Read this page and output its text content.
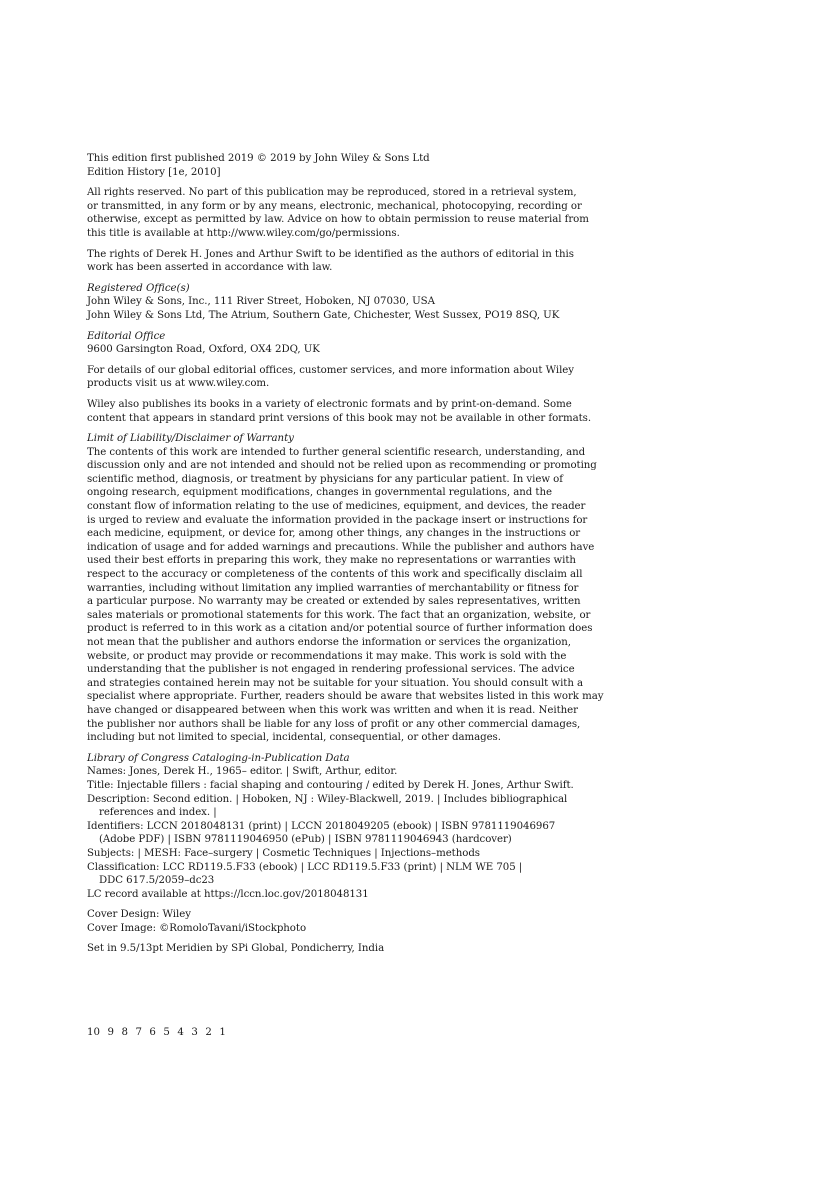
This edition first published 2019 © 2019 by John Wiley & Sons Ltd
Edition History [1e, 2010]
All rights reserved. No part of this publication may be reproduced, stored in a retrieval system,
or transmitted, in any form or by any means, electronic, mechanical, photocopying, recording or
otherwise, except as permitted by law. Advice on how to obtain permission to reuse material from
this title is available at http://www.wiley.com/go/permissions.
The rights of Derek H. Jones and Arthur Swift to be identified as the authors of editorial in this
work has been asserted in accordance with law.
Registered Office(s)
John Wiley & Sons, Inc., 111 River Street, Hoboken, NJ 07030, USA
John Wiley & Sons Ltd, The Atrium, Southern Gate, Chichester, West Sussex, PO19 8SQ, UK
Editorial Office
9600 Garsington Road, Oxford, OX4 2DQ, UK
For details of our global editorial offices, customer services, and more information about Wiley
products visit us at www.wiley.com.
Wiley also publishes its books in a variety of electronic formats and by print-on-demand. Some
content that appears in standard print versions of this book may not be available in other formats.
Limit of Liability/Disclaimer of Warranty
The contents of this work are intended to further general scientific research, understanding, and
discussion only and are not intended and should not be relied upon as recommending or promoting
scientific method, diagnosis, or treatment by physicians for any particular patient. In view of
ongoing research, equipment modifications, changes in governmental regulations, and the
constant flow of information relating to the use of medicines, equipment, and devices, the reader
is urged to review and evaluate the information provided in the package insert or instructions for
each medicine, equipment, or device for, among other things, any changes in the instructions or
indication of usage and for added warnings and precautions. While the publisher and authors have
used their best efforts in preparing this work, they make no representations or warranties with
respect to the accuracy or completeness of the contents of this work and specifically disclaim all
warranties, including without limitation any implied warranties of merchantability or fitness for
a particular purpose. No warranty may be created or extended by sales representatives, written
sales materials or promotional statements for this work. The fact that an organization, website, or
product is referred to in this work as a citation and/or potential source of further information does
not mean that the publisher and authors endorse the information or services the organization,
website, or product may provide or recommendations it may make. This work is sold with the
understanding that the publisher is not engaged in rendering professional services. The advice
and strategies contained herein may not be suitable for your situation. You should consult with a
specialist where appropriate. Further, readers should be aware that websites listed in this work may
have changed or disappeared between when this work was written and when it is read. Neither
the publisher nor authors shall be liable for any loss of profit or any other commercial damages,
including but not limited to special, incidental, consequential, or other damages.
Library of Congress Cataloging-in-Publication Data
Names: Jones, Derek H., 1965– editor. | Swift, Arthur, editor.
Title: Injectable fillers : facial shaping and contouring / edited by Derek H. Jones, Arthur Swift.
Description: Second edition. | Hoboken, NJ : Wiley-Blackwell, 2019. | Includes bibliographical
references and index. |
Identifiers: LCCN 2018048131 (print) | LCCN 2018049205 (ebook) | ISBN 9781119046967
(Adobe PDF) | ISBN 9781119046950 (ePub) | ISBN 9781119046943 (hardcover)
Subjects: | MESH: Face–surgery | Cosmetic Techniques | Injections–methods
Classification: LCC RD119.5.F33 (ebook) | LCC RD119.5.F33 (print) | NLM WE 705 |
DDC 617.5/2059–dc23
LC record available at https://lccn.loc.gov/2018048131
Cover Design: Wiley
Cover Image: ©RomoloTavani/iStockphoto
Set in 9.5/13pt Meridien by SPi Global, Pondicherry, India
10 9 8 7 6 5 4 3 2 1
